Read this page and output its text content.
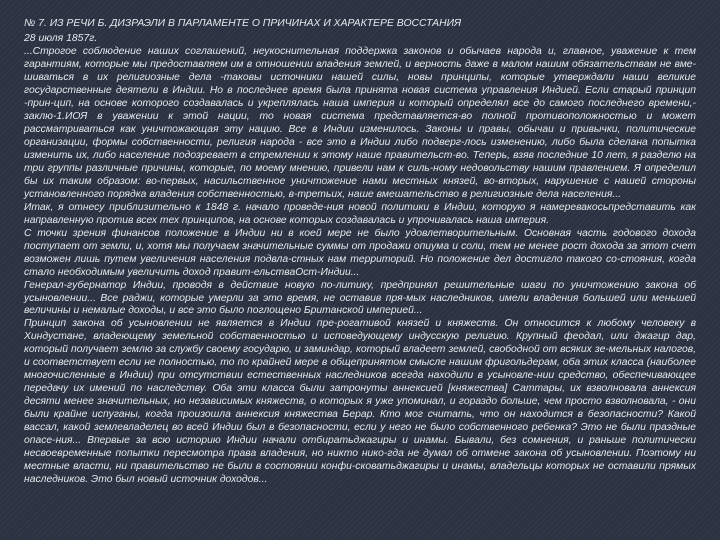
№ 7. ИЗ РЕЧИ Б. ДИЗРАЭЛИ В ПАРЛАМЕНТЕ О ПРИЧИНАХ И ХАРАКТЕРЕ ВОССТАНИЯ

28 июля 1857г.

...Строгое соблюдение наших соглашений, неукоснительная поддержка законов и обычаев народа и, главное, уважение к тем гарантиям, которые мы предоставляем им в отношении владения землей, и верность даже в малом нашим обязательствам не вме-шиваться в их религиозные дела -таковы источники нашей силы, новы принципы, которые утверждали наши великие государственные деятели в Индии. Но в последнее время была принята новая система управления Индией. Если старый принцип -прин-цип, на основе которого создавалась и укреплялась наша империя и который определял все до самого последнего времени,-заклю-1.ИОЯ в уважении к этой нации, то новая система представляется-во полной противоположностью и может рассматриваться как уничтожающая эту нацию. Все в Индии изменилось. Законы и правы, обычаи и привычки, политические организации, формы собственности, религия народа - все это в Индии либо подверг-лось изменению, либо была сделана попытка изменить их, либо население подозревает в стремлении к этому наше правительст-во. Теперь, взяв последние 10 лет, я разделю на три группы различные причины, которые, по моему мнению, привели нам к силь-ному недовольству нашим правлением. Я определил бы их таким образом: во-первых, насильственное уничтожение нами местных князей, во-вторых, нарушение с нашей стороны установленного порядка владения собственностью, в-третьих, наше вмешательство в религиозные дела населения...

Итак, я отнесу приблизительно к 1848 г. начало проведе-ния новой политики в Индии, которую я намеревакосьпредставить как направленную против всех тех принципов, на основе которых создавалась и упрочивалась наша империя.

С точки зрения финансов положение в Индии ни в коей мере не было удовлетворительным. Основная часть годового дохода поступает от земли, и, хотя мы получаем значительные суммы от продажи опиума и соли, тем не менее рост дохода за этот счет возможен лишь путем увеличения населения подвла-стных нам территорий. Но положение дел достигло такого со-стояния, когда стало необходимым увеличить доход правит-ельстваОст-Индии...

Генерал-губернатор Индии, проводя в действие новую по-литику, предпринял решительные шаги по уничтожению закона об усыновлении... Все раджи, которые умерли за это время, не оставив пря-мых наследников, имели владения большей или меньшей величины и немалые доходы, и все это было поглощено Британской империей...

Принцип закона об усыновлении не является в Индии пре-рогативой князей и княжеств. Он относится к любому человеку в Хиндустане, владеющему земельной собственностью и исповедующему индусскую религию. Крупный феодал, или джагир дар, который получает землю за службу своему государю, и заминдар, который владеет землей, свободной от всяких зе-мельных налогов, и соответствует если не полностью, то по крайней мере в общепринятом смысле нашим фригольдерам, оба этих класса (наиболее многочисленные в Индии) при отсутствии естественных наследников всегда находили в усыновле-нии средство, обеспечивающее передачу их имений по наследству. Оба эти класса были затронуты аннексией [княжества] Саттары, их взволновала аннексия десяти менее значительных, но независимых княжеств, о которых я уже упоминал, и гораздо больше, чем просто взволновала, - они были крайне испуганы, когда произошла аннексия княжества Берар. Кто мог считать, что он находится в безопасности? Какой вассал, какой землевладелец во всей Индии был в безопасности, если у него не было собственного ребенка? Это не были праздные опасе-ния... Впервые за всю историю Индии начали отбиратьджагиры и инамы. Бывали, без сомнения, и раньше политически несвоевременные попытки пересмотра права владения, но никто нико-гда не думал об отмене закона об усыновлении. Поэтому ни местные власти, ни правительство не были в состоянии конфи-сковатьджагиры и инамы, владельцы которых не оставили прямых наследников. Это был новый источник доходов...
